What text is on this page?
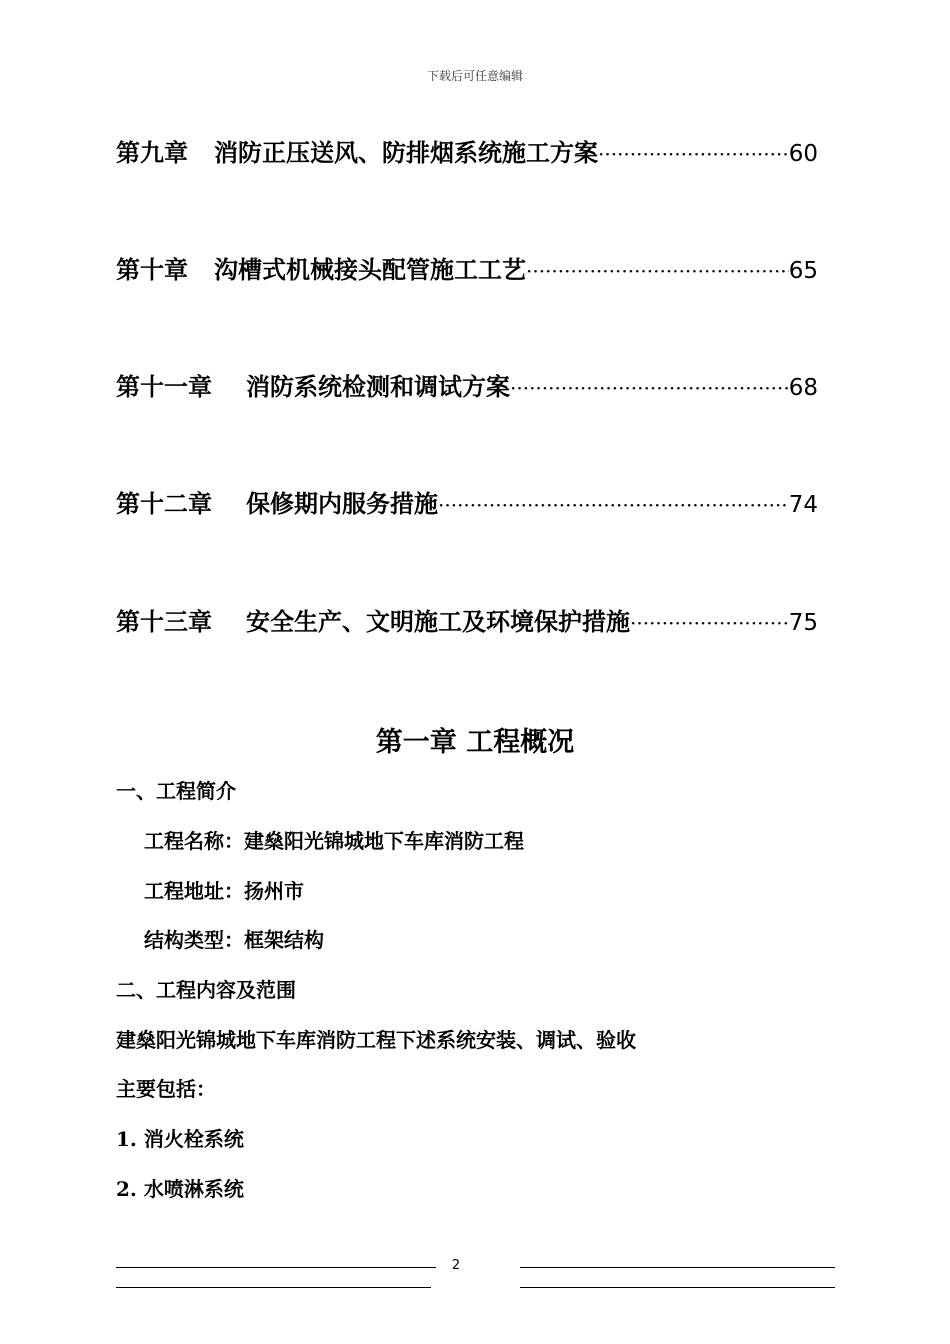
下载后可任意编辑
第九章 消防正压送风、防排烟系统施工方案 ·····	60
第十章 沟槽式机械接头配管施工工艺 ·····	65
第十一章 消防系统检测和调试方案 ·····	68
第十二章 保修期内服务措施 ·····	74
第十三章 安全生产、文明施工及环境保护措施 ·····	75
第一章 工程概况
一、工程简介
工程名称：建燊阳光锦城地下车库消防工程
工程地址：扬州市
结构类型：框架结构
二、工程内容及范围
建燊阳光锦城地下车库消防工程下述系统安装、调试、验收
主要包括：
1. 消火栓系统
2. 水喷淋系统
2
